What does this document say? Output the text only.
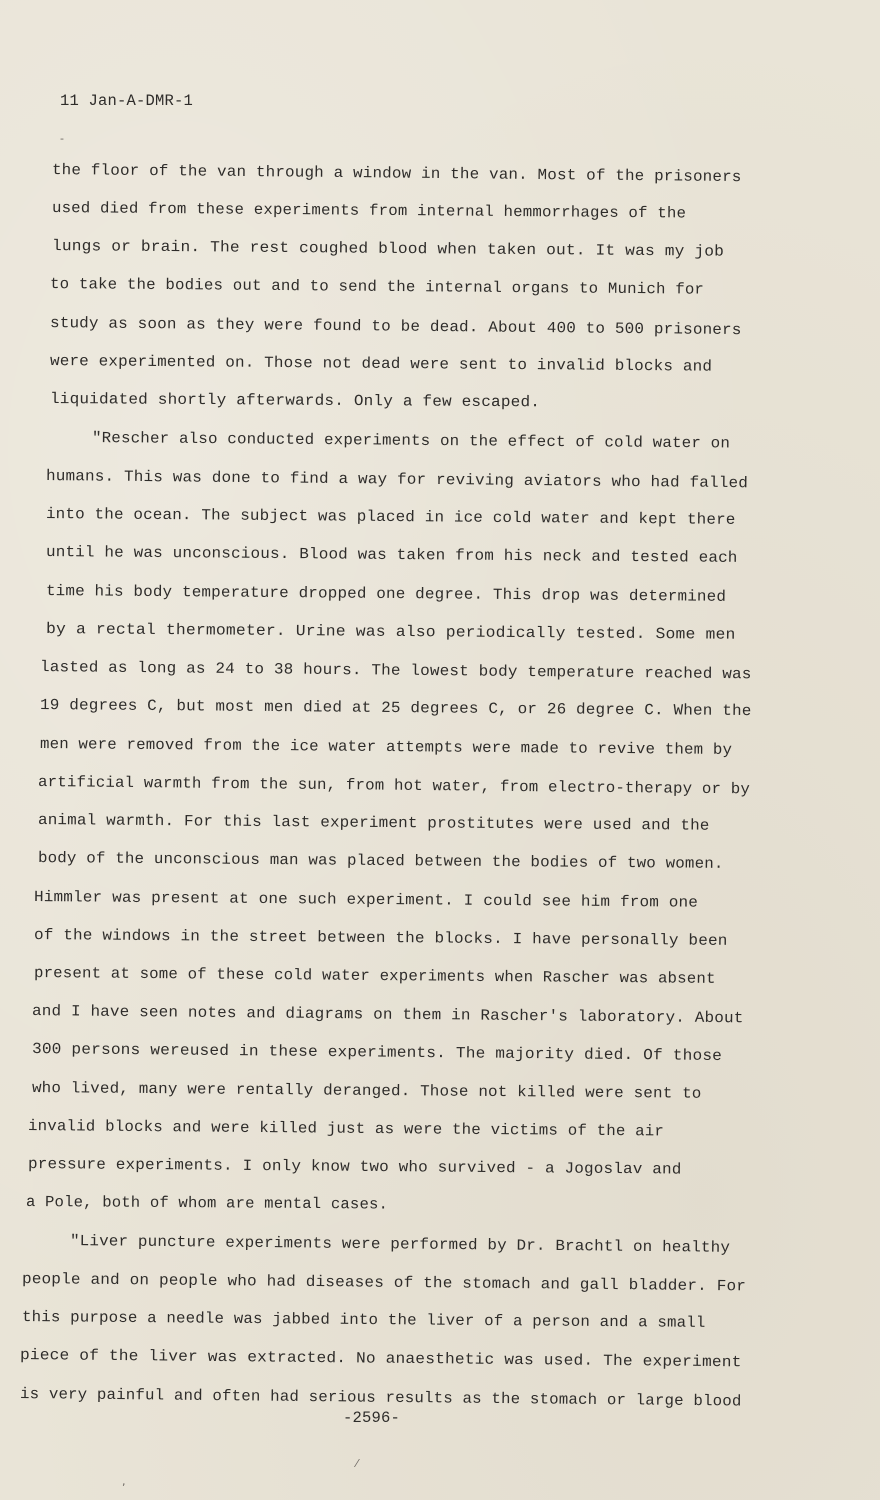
11 Jan-A-DMR-1
the floor of the van through a window in the van. Most of the prisoners
used died from these experiments from internal hemmorrhages of the
lungs or brain. The rest coughed blood when taken out. It was my job
to take the bodies out and to send the internal organs to Munich for
study as soon as they were found to be dead. About 400 to 500 prisoners
were experimented on. Those not dead were sent to invalid blocks and
liquidated shortly afterwards. Only a few escaped.
"Rescher also conducted experiments on the effect of cold water on
humans. This was done to find a way for reviving aviators who had falled
into the ocean. The subject was placed in ice cold water and kept there
until he was unconscious. Blood was taken from his neck and tested each
time his body temperature dropped one degree. This drop was determined
by a rectal thermometer. Urine was also periodically tested. Some men
lasted as long as 24 to 38 hours. The lowest body temperature reached was
19 degrees C, but most men died at 25 degrees C, or 26 degree C. When the
men were removed from the ice water attempts were made to revive them by
artificial warmth from the sun, from hot water, from electro-therapy or by
animal warmth. For this last experiment prostitutes were used and the
body of the unconscious man was placed between the bodies of two women.
Himmler was present at one such experiment. I could see him from one
of the windows in the street between the blocks. I have personally been
present at some of these cold water experiments when Rascher was absent
and I have seen notes and diagrams on them in Rascher's laboratory. About
300 persons wereused in these experiments. The majority died. Of those
who lived, many were rentally deranged. Those not killed were sent to
invalid blocks and were killed just as were the victims of the air
pressure experiments. I only know two who survived - a Jogoslav and
a Pole, both of whom are mental cases.
"Liver puncture experiments were performed by Dr. Brachtl on healthy
people and on people who had diseases of the stomach and gall bladder. For
this purpose a needle was jabbed into the liver of a person and a small
piece of the liver was extracted. No anaesthetic was used. The experiment
is very painful and often had serious results as the stomach or large blood
-2596-
-
⁄
,
